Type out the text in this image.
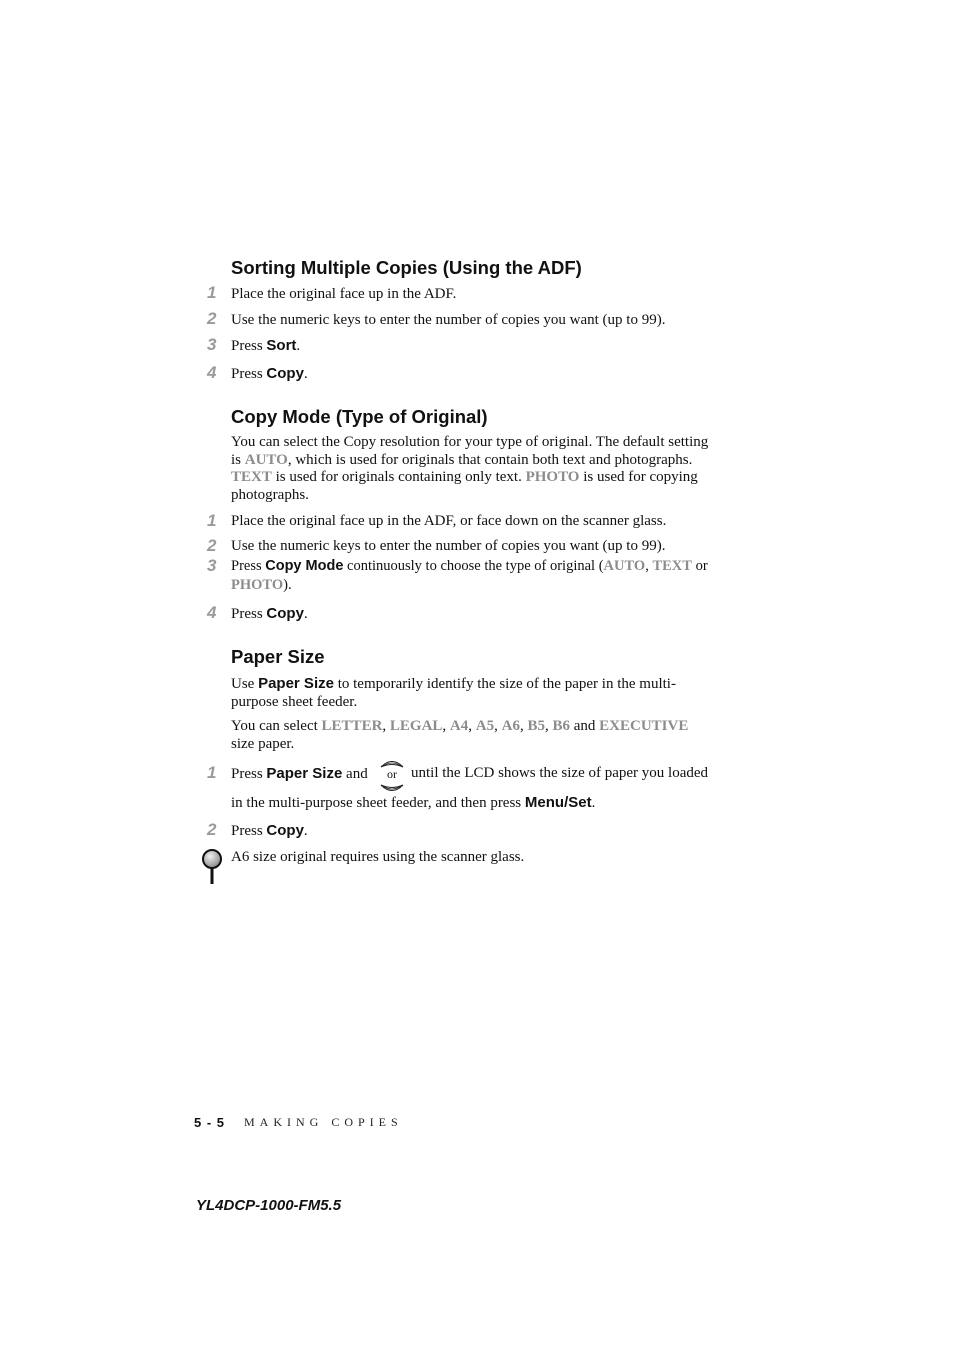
Sorting Multiple Copies (Using the ADF)
1 Place the original face up in the ADF.
2 Use the numeric keys to enter the number of copies you want (up to 99).
3 Press Sort.
4 Press Copy.
Copy Mode (Type of Original)
You can select the Copy resolution for your type of original. The default setting
is AUTO, which is used for originals that contain both text and photographs.
TEXT is used for originals containing only text. PHOTO is used for copying
photographs.
1 Place the original face up in the ADF, or face down on the scanner glass.
2 Use the numeric keys to enter the number of copies you want (up to 99).
3	Press Copy Mode continuously to choose the type of original (AUTO, TEXT or
PHOTO).
4 Press Copy.
Paper Size
Use Paper Size to temporarily identify the size of the paper in the multi-
purpose sheet feeder.
You can select LETTER, LEGAL, A4, A5, A6, B5, B6 and EXECUTIVE
size paper.
1 Press Paper Size and	or until the LCD shows the size of paper you loaded
in the multi-purpose sheet feeder, and then press Menu/Set.
2 Press Copy.
A6 size original requires using the scanner glass.
5 - 5 MAKING COPIES
YL4DCP-1000-FM5.5
